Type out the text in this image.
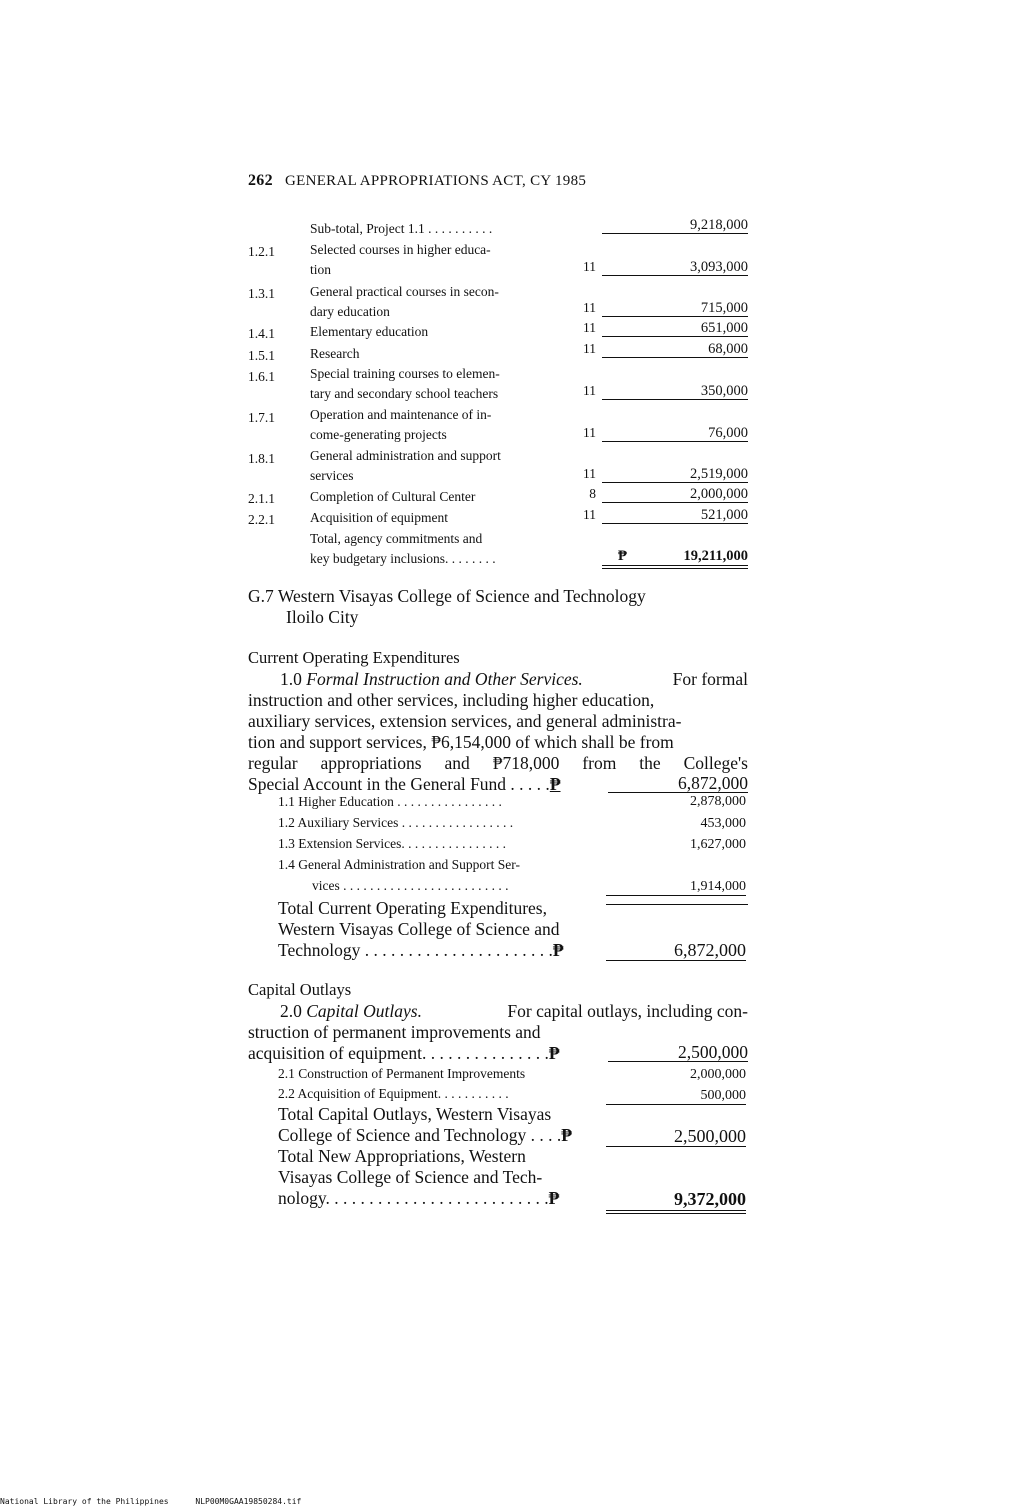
262 GENERAL APPROPRIATIONS ACT, CY 1985
Sub-total, Project 1.1 . . . . . . . . . .	9,218,000
1.2.1	Selected courses in higher educa-
tion	11	3,093,000
1.3.1	General practical courses in secon-
dary education	11	715,000
1.4.1	Elementary education	11	651,000
1.5.1	Research	11	68,000
1.6.1	Special training courses to elemen-
tary and secondary school teachers	11	350,000
1.7.1	Operation and maintenance of in-
come-generating projects	11	76,000
1.8.1	General administration and support
services	11	2,519,000
2.1.1	Completion of Cultural Center	8	2,000,000
2.2.1	Acquisition of equipment	11	521,000
Total, agency commitments and
key budgetary inclusions. . . . . . . .	₱	19,211,000
G.7 Western Visayas College of Science and Technology
Iloilo City
Current Operating Expenditures
1.0 Formal Instruction and Other Services.	For formal
instruction and other services, including higher education,
auxiliary services, extension services, and general administra-
tion and support services, ₱6,154,000 of which shall be from
regular appropriations and ₱718,000 from the College's
Special Account in the General Fund . . . . .₱	6,872,000
1.1 Higher Education . . . . . . . . . . . . . . . .	2,878,000
1.2 Auxiliary Services . . . . . . . . . . . . . . . . .	453,000
1.3 Extension Services. . . . . . . . . . . . . . . .	1,627,000
1.4 General Administration and Support Ser-
vices . . . . . . . . . . . . . . . . . . . . . . . . .	1,914,000
Total Current Operating Expenditures,
Western Visayas College of Science and
Technology . . . . . . . . . . . . . . . . . . . . . .₱	6,872,000
Capital Outlays
2.0 Capital Outlays.	For capital outlays, including con-
struction of permanent improvements and
acquisition of equipment. . . . . . . . . . . . . . .₱	2,500,000
2.1 Construction of Permanent Improvements	2,000,000
2.2 Acquisition of Equipment. . . . . . . . . . .	500,000
Total Capital Outlays, Western Visayas
College of Science and Technology . . . .₱	2,500,000
Total New Appropriations, Western
Visayas College of Science and Tech-
nology. . . . . . . . . . . . . . . . . . . . . . . . . .₱	9,372,000
National Library of the Philippines	NLP00M0GAA19850284.tif
